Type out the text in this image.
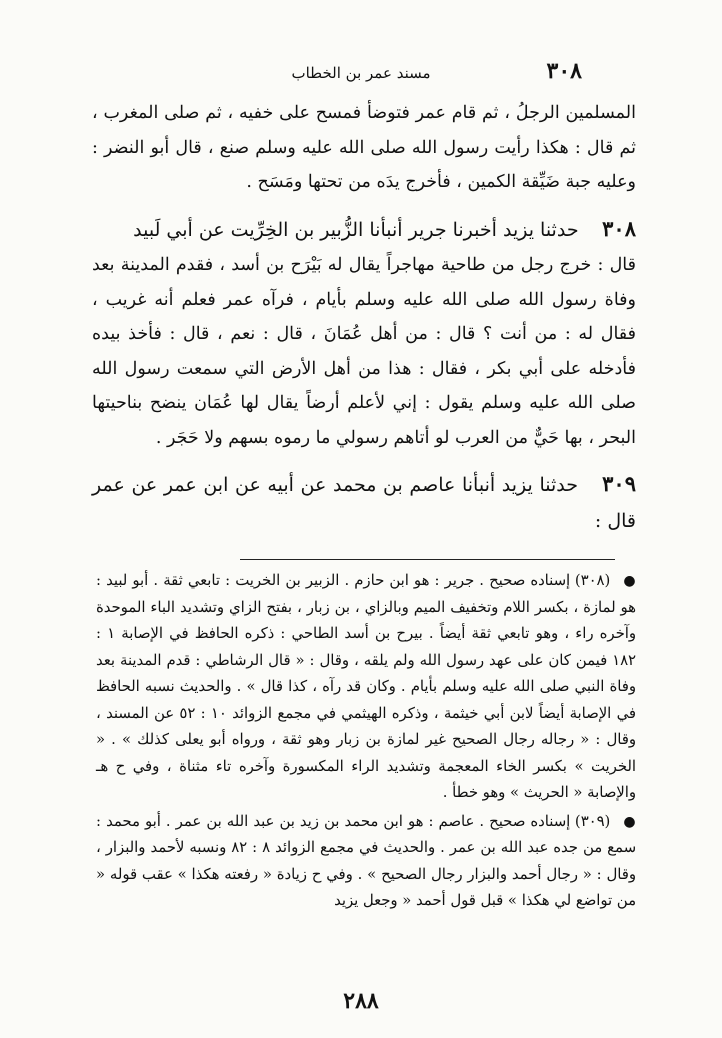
٣٠٨
مسند عمر بن الخطاب

المسلمين الرجلُ ، ثم قام عمر فتوضأ فمسح على خفيه ، ثم صلى المغرب ، ثم قال : هكذا رأيت رسول الله صلى الله عليه وسلم صنع ، قال أبو النضر : وعليه جبة ضَيِّقة الكمين ، فأخرج يدَه من تحتها ومَسَح .

٣٠٨ حدثنا يزيد أخبرنا جرير أنبأنا الزُّبير بن الخِرِّيت عن أبي لَبيد

قال : خرج رجل من طاحية مهاجراً يقال له بَيْرَح بن أسد ، فقدم المدينة بعد وفاة رسول الله صلى الله عليه وسلم بأيام ، فرآه عمر فعلم أنه غريب ، فقال له : من أنت ؟ قال : من أهل عُمَانَ ، قال : نعم ، قال : فأخذ بيده فأدخله على أبي بكر ، فقال : هذا من أهل الأرض التي سمعت رسول الله صلى الله عليه وسلم يقول : إني لأعلم أرضاً يقال لها عُمَان ينضح بناحيتها البحر ، بها حَيٌّ من العرب لو أتاهم رسولي ما رموه بسهم ولا حَجَر .

٣٠٩ حدثنا يزيد أنبأنا عاصم بن محمد عن أبيه عن ابن عمر عن عمر قال :

● (٣٠٨) إسناده صحيح . جرير : هو ابن حازم . الزبير بن الخريت : تابعي ثقة . أبو لبيد : هو لمازة ، بكسر اللام وتخفيف الميم وبالزاي ، بن زبار ، بفتح الزاي وتشديد الباء الموحدة وآخره راء ، وهو تابعي ثقة أيضاً . بيرح بن أسد الطاحي : ذكره الحافظ في الإصابة ١ : ١٨٢ فيمن كان على عهد رسول الله ولم يلقه ، وقال : « قال الرشاطي : قدم المدينة بعد وفاة النبي صلى الله عليه وسلم بأيام . وكان قد رآه ، كذا قال » . والحديث نسبه الحافظ في الإصابة أيضاً لابن أبي خيثمة ، وذكره الهيثمي في مجمع الزوائد ١٠ : ٥٢ عن المسند ، وقال : « رجاله رجال الصحيح غير لمازة بن زبار وهو ثقة ، ورواه أبو يعلى كذلك » . « الخريت » بكسر الخاء المعجمة وتشديد الراء المكسورة وآخره تاء مثناة ، وفي ح هـ والإصابة « الحريث » وهو خطأ .

● (٣٠٩) إسناده صحيح . عاصم : هو ابن محمد بن زيد بن عبد الله بن عمر . أبو محمد : سمع من جده عبد الله بن عمر . والحديث في مجمع الزوائد ٨ : ٨٢ ونسبه لأحمد والبزار ، وقال : « رجال أحمد والبزار رجال الصحيح » . وفي ح زيادة « رفعته هكذا » عقب قوله « من تواضع لي هكذا » قبل قول أحمد « وجعل يزيد

٢٨٨
